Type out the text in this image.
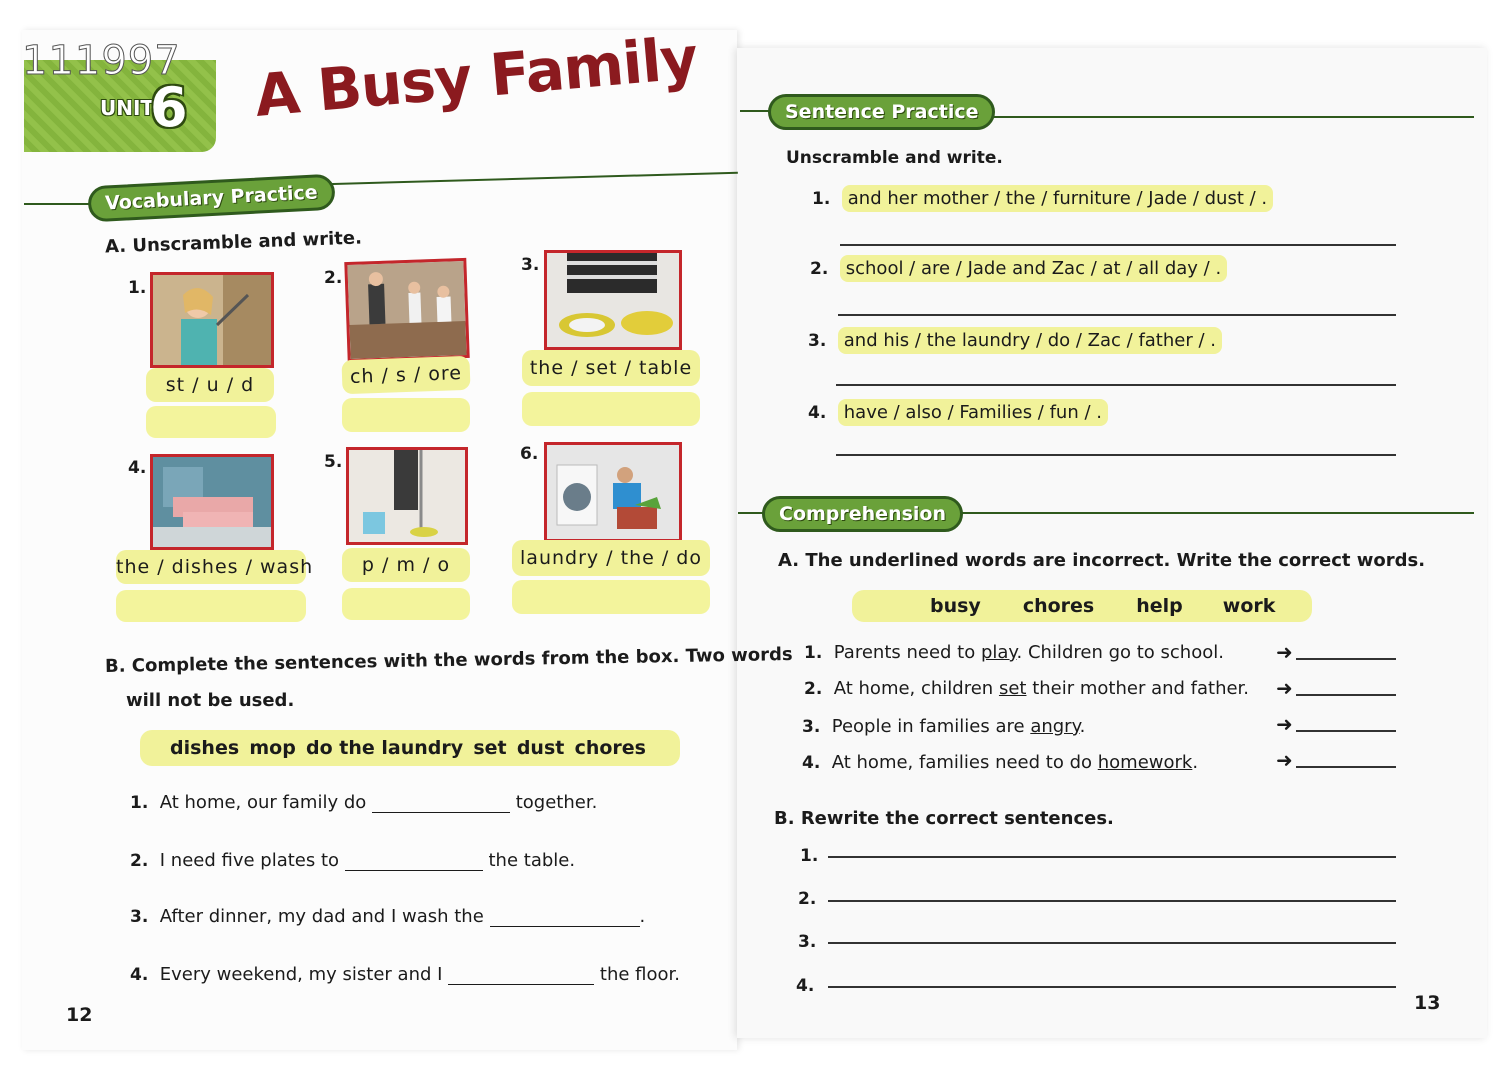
UNIT
6
111997 A Busy Family
Vocabulary Practice
A. Unscramble and write.
1.
st / u / d
2.
ch / s / ore
3.
the / set / table
4.
the / dishes / wash
5.
p / m / o
6.
laundry / the / do
B. Complete the sentences with the words from the box. Two words
will not be used.
dishes mop do the laundry set dust chores
1. At home, our family do	together.
2. I need five plates to	the table.
3. After dinner, my dad and I wash the	.
4. Every weekend, my sister and I	the floor.
12
Sentence Practice
Unscramble and write.
1. and her mother / the / furniture / Jade / dust / .
2. school / are / Jade and Zac / at / all day / .
3. and his / the laundry / do / Zac / father / .
4. have / also / Families / fun / .
Comprehension
A. The underlined words are incorrect. Write the correct words.
busy chores help work
1. Parents need to play. Children go to school.	➜
2. At home, children set their mother and father. ➜
3. People in families are angry.	➜
4. At home, families need to do homework.	➜
B. Rewrite the correct sentences.
1.
2.
3.
4.
13
